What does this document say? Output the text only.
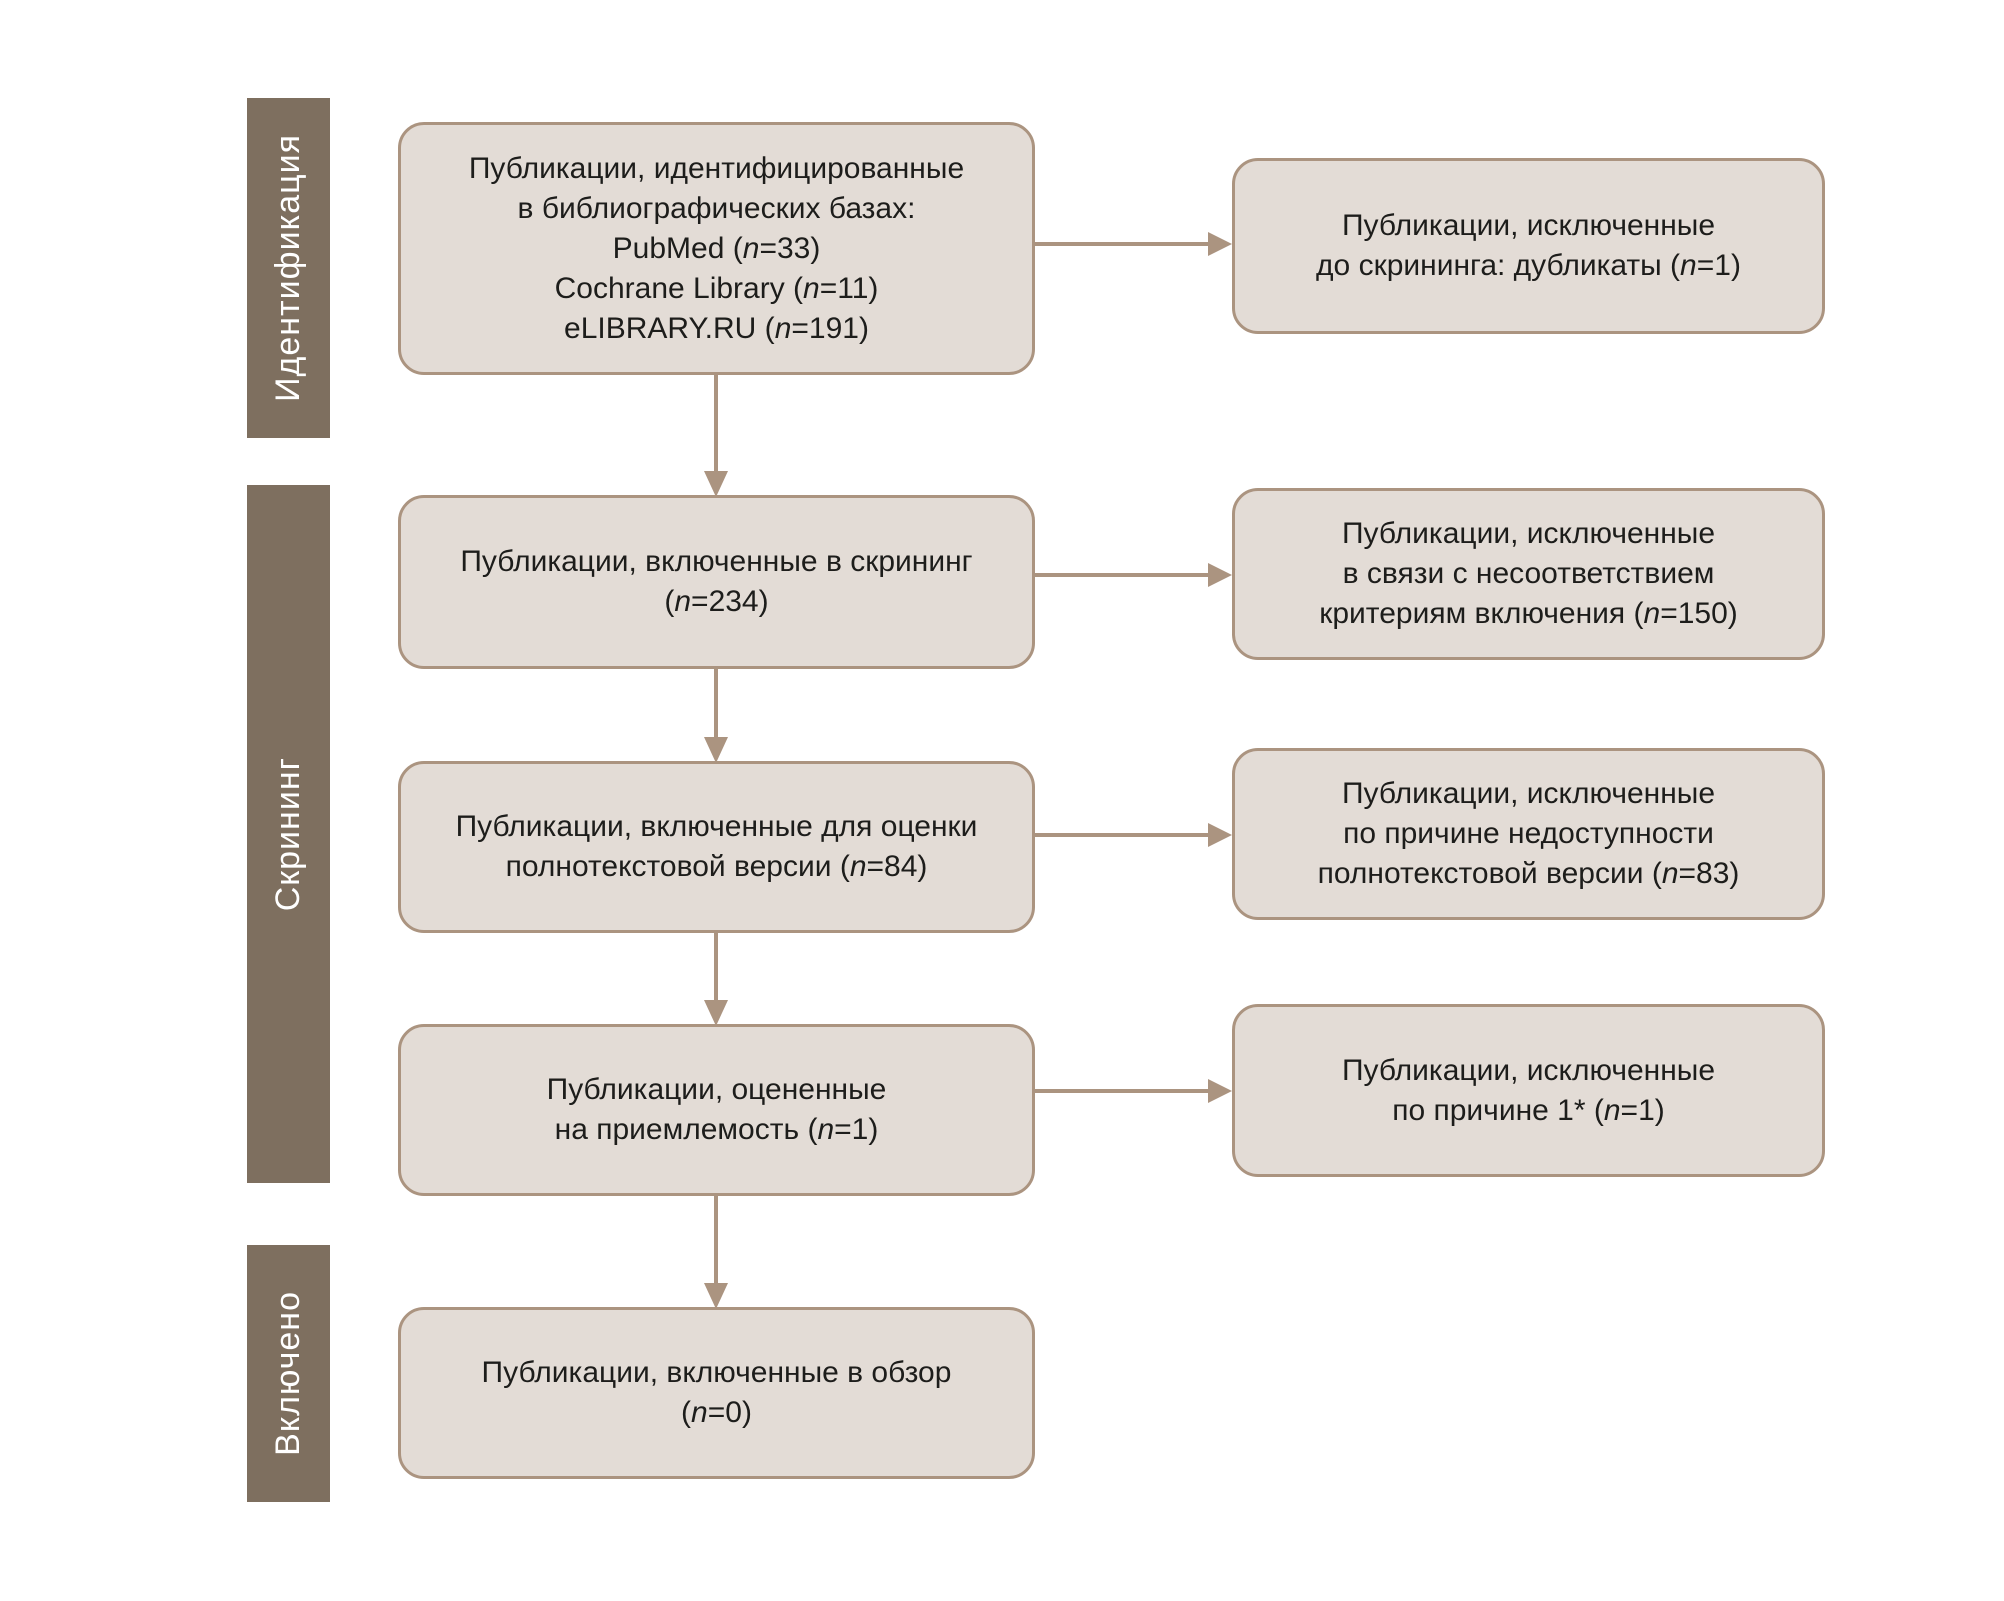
Идентификация
Скрининг
Включено
Публикации, идентифицированные
в библиографических базах:
PubMed (n=33)
Cochrane Library (n=11)
eLIBRARY.RU (n=191)
Публикации, включенные в скрининг
(n=234)
Публикации, включенные для оценки
полнотекстовой версии (n=84)
Публикации, оцененные
на приемлемость (n=1)
Публикации, включенные в обзор
(n=0)
Публикации, исключенные
до скрининга: дубликаты (n=1)
Публикации, исключенные
в связи с несоответствием
критериям включения (n=150)
Публикации, исключенные
по причине недоступности
полнотекстовой версии (n=83)
Публикации, исключенные
по причине 1* (n=1)
